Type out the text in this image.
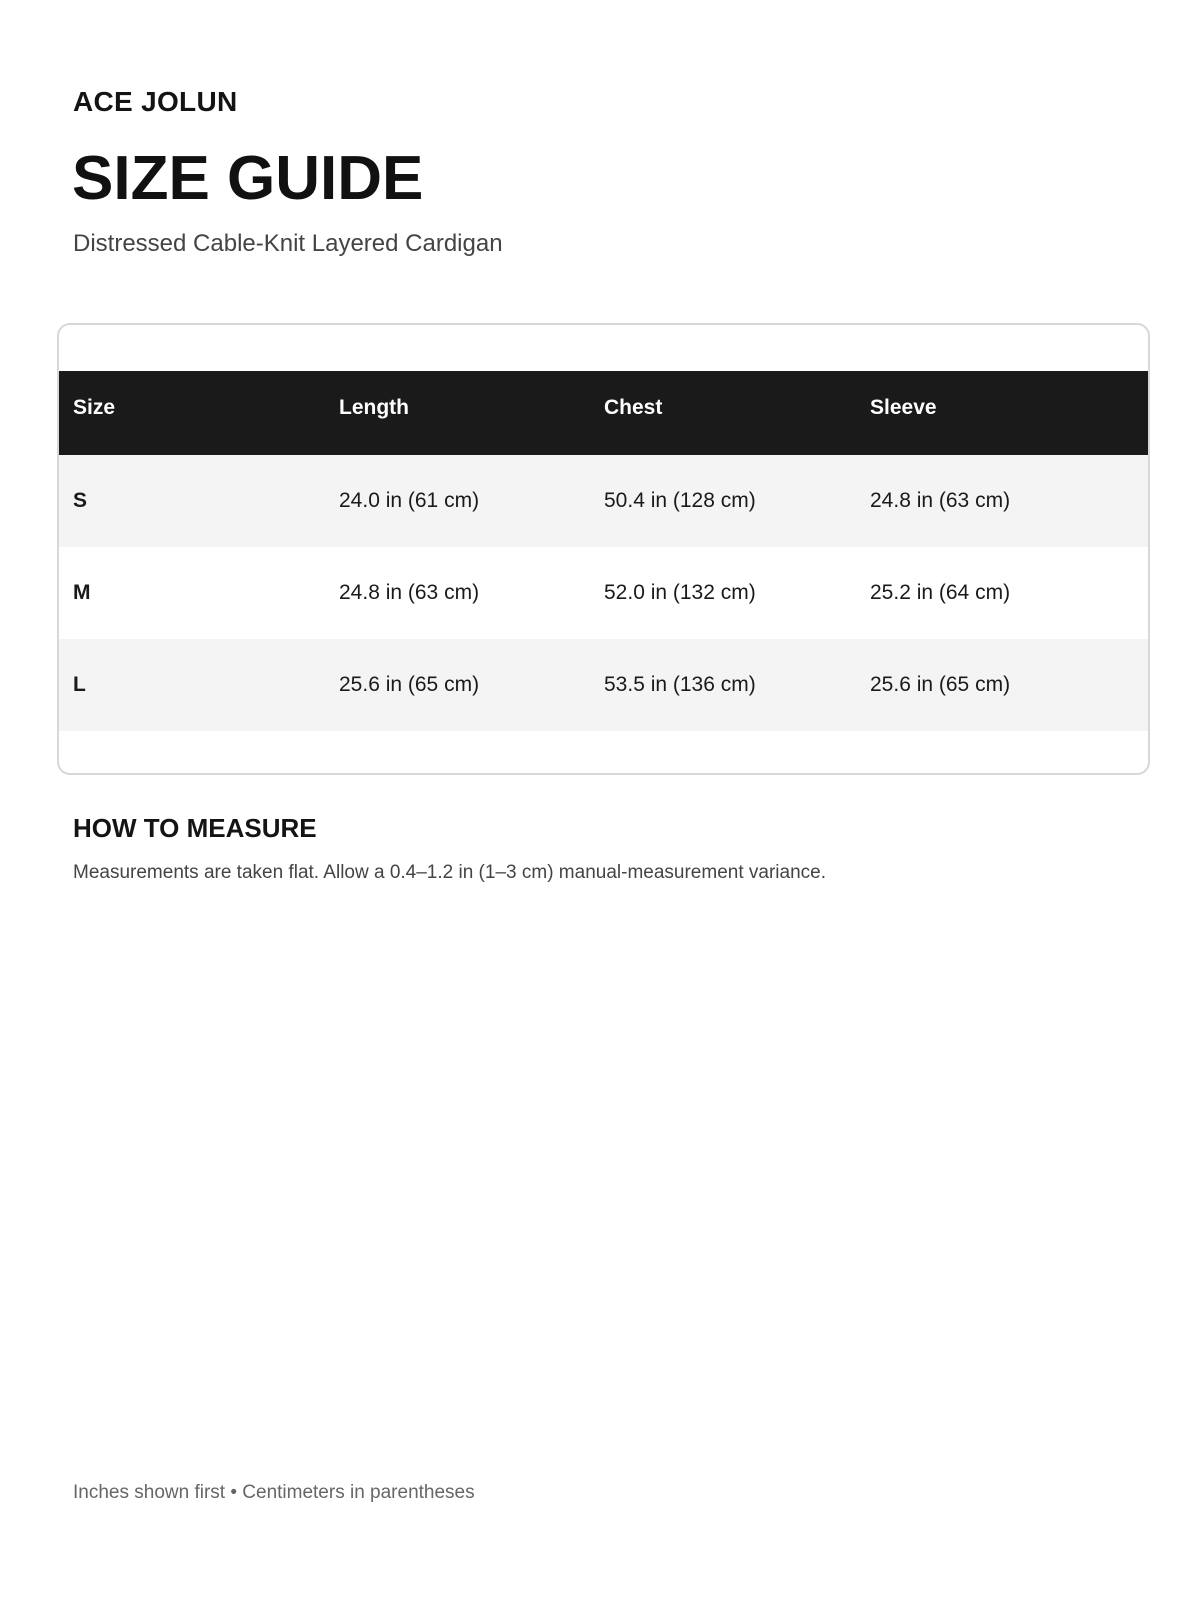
ACE JOLUN
SIZE GUIDE
Distressed Cable-Knit Layered Cardigan
Size	Length	Chest	Sleeve
S	24.0 in (61 cm)	50.4 in (128 cm)	24.8 in (63 cm)
M	24.8 in (63 cm)	52.0 in (132 cm)	25.2 in (64 cm)
L	25.6 in (65 cm)	53.5 in (136 cm)	25.6 in (65 cm)
HOW TO MEASURE
Measurements are taken flat. Allow a 0.4–1.2 in (1–3 cm) manual-measurement variance.
Inches shown first • Centimeters in parentheses
